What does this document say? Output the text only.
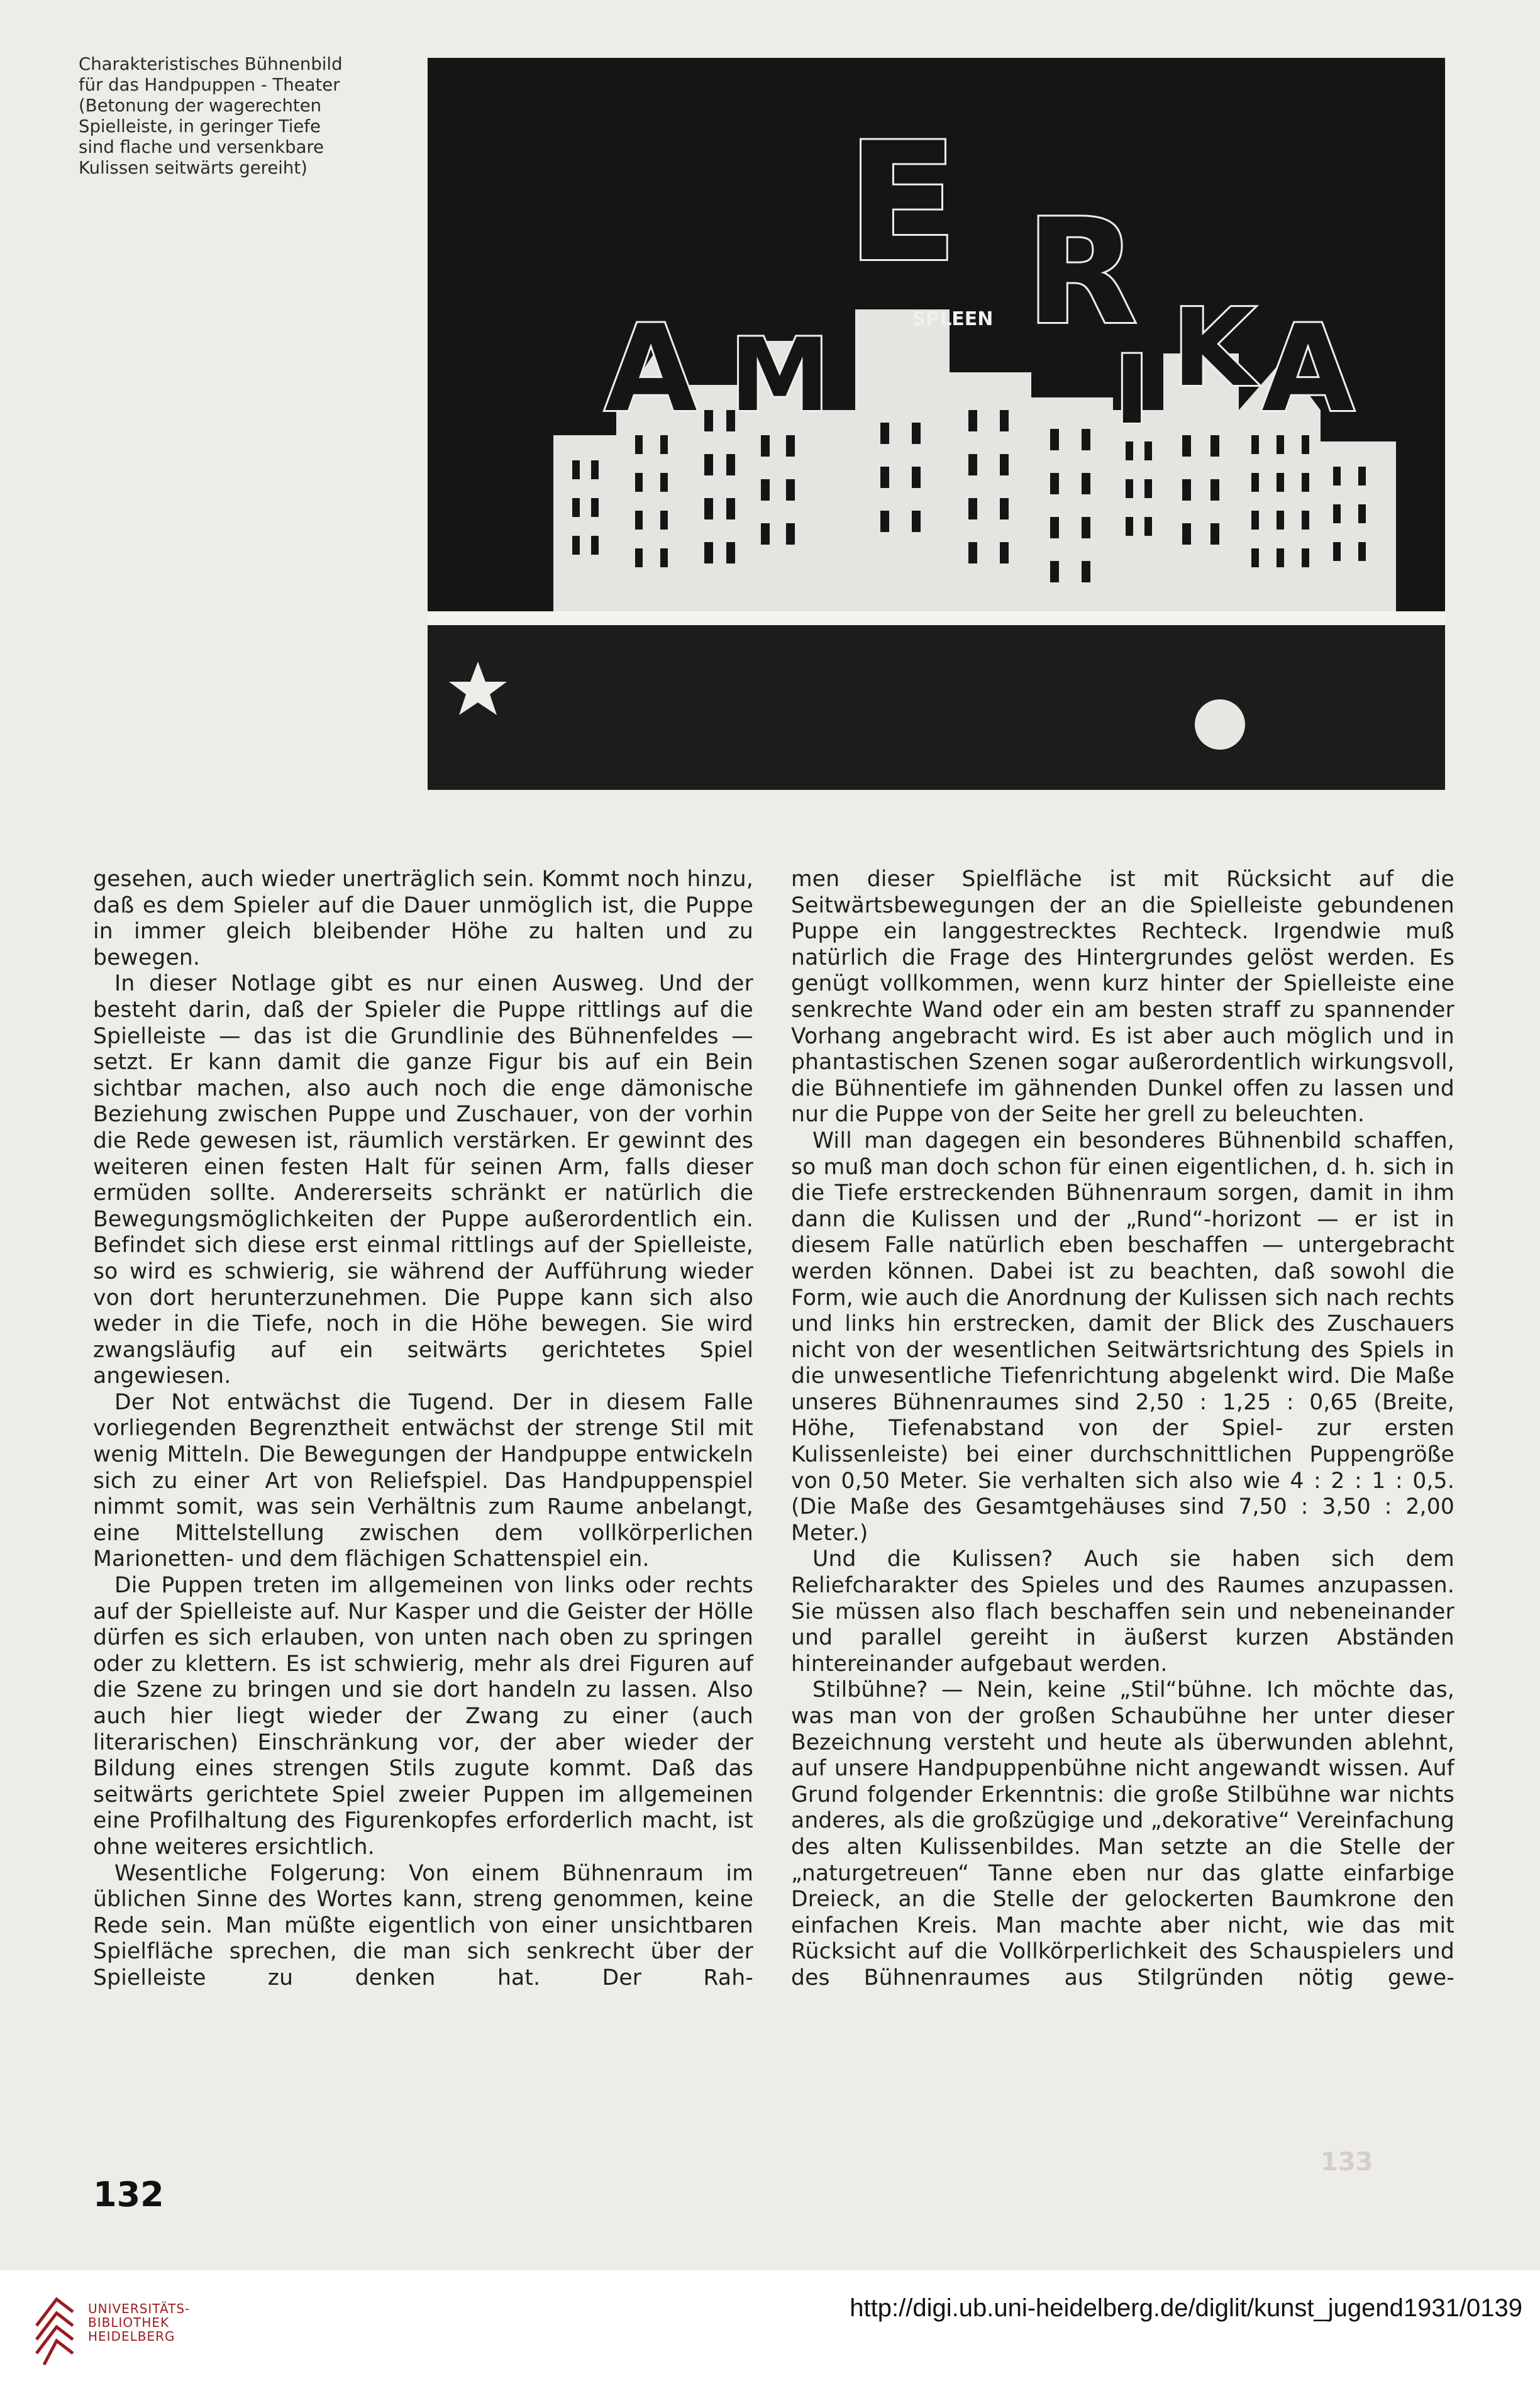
Charakteristisches Bühnenbild
für das Handpuppen - Theater
(Betonung der wagerechten
Spielleiste, in geringer Tiefe
sind flache und versenkbare
Kulissen seitwärts gereiht)
A M
E R
I K A
SPLEEN

gesehen, auch wieder unerträglich sein. Kommt noch hinzu, daß es dem Spieler auf die Dauer unmöglich ist, die Puppe in immer gleich bleibender Höhe zu halten und zu bewegen.

In dieser Notlage gibt es nur einen Ausweg. Und der besteht darin, daß der Spieler die Puppe rittlings auf die Spielleiste — das ist die Grundlinie des Bühnenfeldes — setzt. Er kann damit die ganze Figur bis auf ein Bein sichtbar machen, also auch noch die enge dämonische Beziehung zwischen Puppe und Zuschauer, von der vorhin die Rede gewesen ist, räumlich verstärken. Er gewinnt des weiteren einen festen Halt für seinen Arm, falls dieser ermüden sollte. Andererseits schränkt er natürlich die Bewegungsmöglichkeiten der Puppe außerordentlich ein. Befindet sich diese erst einmal rittlings auf der Spielleiste, so wird es schwierig, sie während der Aufführung wieder von dort herunterzunehmen. Die Puppe kann sich also weder in die Tiefe, noch in die Höhe bewegen. Sie wird zwangsläufig auf ein seitwärts gerichtetes Spiel angewiesen.

Der Not entwächst die Tugend. Der in diesem Falle vorliegenden Begrenztheit entwächst der strenge Stil mit wenig Mitteln. Die Bewegungen der Handpuppe entwickeln sich zu einer Art von Reliefspiel. Das Handpuppenspiel nimmt somit, was sein Verhältnis zum Raume anbelangt, eine Mittelstellung zwischen dem vollkörperlichen Marionetten- und dem flächigen Schattenspiel ein.

Die Puppen treten im allgemeinen von links oder rechts auf der Spielleiste auf. Nur Kasper und die Geister der Hölle dürfen es sich erlauben, von unten nach oben zu springen oder zu klettern. Es ist schwierig, mehr als drei Figuren auf die Szene zu bringen und sie dort handeln zu lassen. Also auch hier liegt wieder der Zwang zu einer (auch literarischen) Einschränkung vor, der aber wieder der Bildung eines strengen Stils zugute kommt. Daß das seitwärts gerichtete Spiel zweier Puppen im allgemeinen eine Profilhaltung des Figurenkopfes erforderlich macht, ist ohne weiteres ersichtlich.

Wesentliche Folgerung: Von einem Bühnenraum im üblichen Sinne des Wortes kann, streng genommen, keine Rede sein. Man müßte eigentlich von einer unsichtbaren Spielfläche sprechen, die man sich senkrecht über der Spielleiste zu denken hat. Der Rah-

men dieser Spielfläche ist mit Rücksicht auf die Seitwärtsbewegungen der an die Spielleiste gebundenen Puppe ein langgestrecktes Rechteck. Irgendwie muß natürlich die Frage des Hintergrundes gelöst werden. Es genügt vollkommen, wenn kurz hinter der Spielleiste eine senkrechte Wand oder ein am besten straff zu spannender Vorhang angebracht wird. Es ist aber auch möglich und in phantastischen Szenen sogar außerordentlich wirkungsvoll, die Bühnentiefe im gähnenden Dunkel offen zu lassen und nur die Puppe von der Seite her grell zu beleuchten.

Will man dagegen ein besonderes Bühnenbild schaffen, so muß man doch schon für einen eigentlichen, d. h. sich in die Tiefe erstreckenden Bühnenraum sorgen, damit in ihm dann die Kulissen und der „Rund“-horizont — er ist in diesem Falle natürlich eben beschaffen — untergebracht werden können. Dabei ist zu beachten, daß sowohl die Form, wie auch die Anordnung der Kulissen sich nach rechts und links hin erstrecken, damit der Blick des Zuschauers nicht von der wesentlichen Seitwärtsrichtung des Spiels in die unwesentliche Tiefenrichtung abgelenkt wird. Die Maße unseres Bühnenraumes sind 2,50 : 1,25 : 0,65 (Breite, Höhe, Tiefenabstand von der Spiel- zur ersten Kulissenleiste) bei einer durchschnittlichen Puppengröße von 0,50 Meter. Sie verhalten sich also wie 4 : 2 : 1 : 0,5. (Die Maße des Gesamtgehäuses sind 7,50 : 3,50 : 2,00 Meter.)

Und die Kulissen? Auch sie haben sich dem Reliefcharakter des Spieles und des Raumes anzupassen. Sie müssen also flach beschaffen sein und nebeneinander und parallel gereiht in äußerst kurzen Abständen hintereinander aufgebaut werden.

Stilbühne? — Nein, keine „Stil“bühne. Ich möchte das, was man von der großen Schaubühne her unter dieser Bezeichnung versteht und heute als überwunden ablehnt, auf unsere Handpuppenbühne nicht angewandt wissen. Auf Grund folgender Erkenntnis: die große Stilbühne war nichts anderes, als die großzügige und „dekorative“ Vereinfachung des alten Kulissenbildes. Man setzte an die Stelle der „naturgetreuen“ Tanne eben nur das glatte einfarbige Dreieck, an die Stelle der gelockerten Baumkrone den einfachen Kreis. Man machte aber nicht, wie das mit Rücksicht auf die Vollkörperlichkeit des Schauspielers und des Bühnenraumes aus Stilgründen nötig gewe-

132

133

UNIVERSITÄTS-
BIBLIOTHEK
HEIDELBERG

http://digi.ub.uni-heidelberg.de/diglit/kunst_jugend1931/0139
